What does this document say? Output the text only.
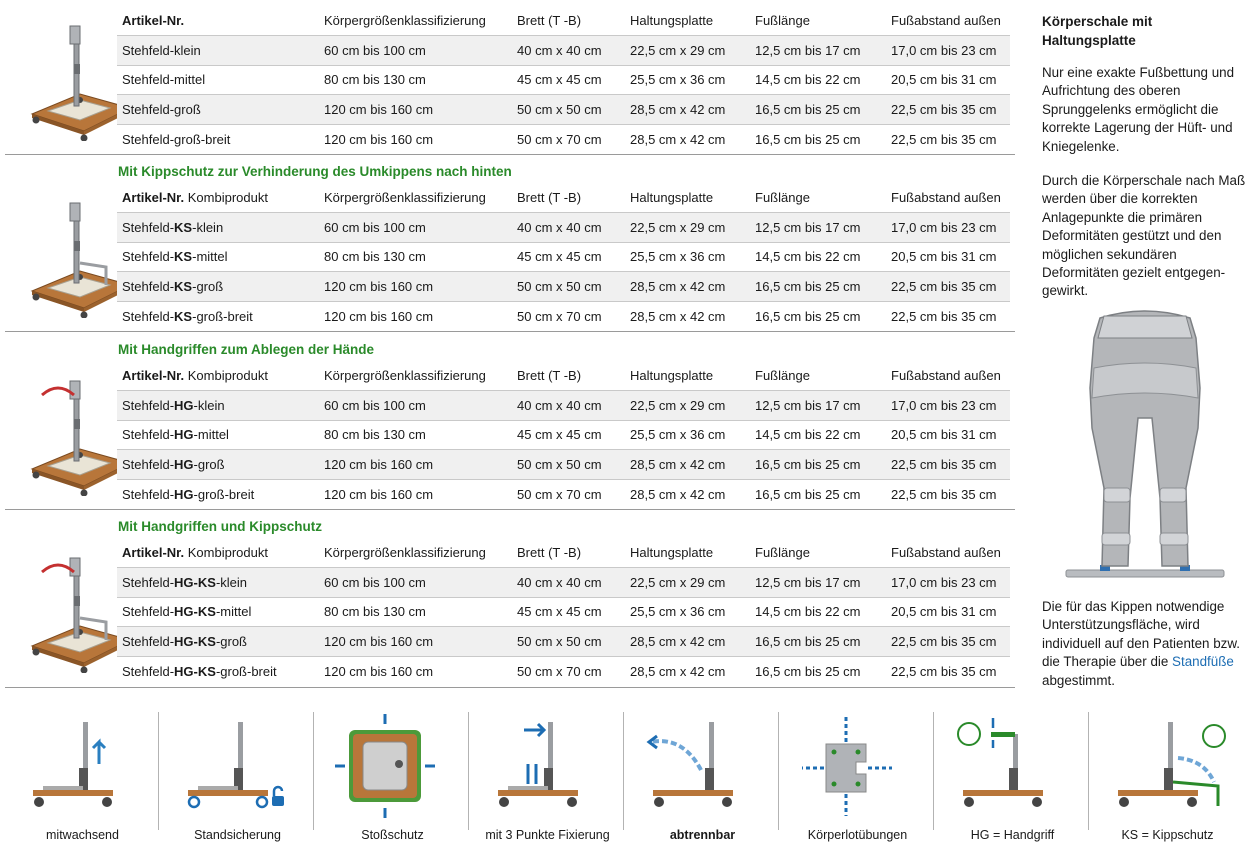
Artikel-Nr.	Körpergrößenklassifizierung	Brett (T -B)	Haltungsplatte	Fußlänge	Fußabstand außen
Stehfeld-klein	60 cm bis 100 cm	40 cm x 40 cm	22,5 cm x 29 cm	12,5 cm bis 17 cm	17,0 cm bis 23 cm
Stehfeld-mittel	80 cm bis 130 cm	45 cm x 45 cm	25,5 cm x 36 cm	14,5 cm bis 22 cm	20,5 cm bis 31 cm
Stehfeld-groß	120 cm bis 160 cm	50 cm x 50 cm	28,5 cm x 42 cm	16,5 cm bis 25 cm	22,5 cm bis 35 cm
Stehfeld-groß-breit	120 cm bis 160 cm	50 cm x 70 cm	28,5 cm x 42 cm	16,5 cm bis 25 cm	22,5 cm bis 35 cm
Mit Kippschutz zur Verhinderung des Umkippens nach hinten
Artikel-Nr. Kombiprodukt	Körpergrößenklassifizierung	Brett (T -B)	Haltungsplatte	Fußlänge	Fußabstand außen
Stehfeld-KS-klein	60 cm bis 100 cm	40 cm x 40 cm	22,5 cm x 29 cm	12,5 cm bis 17 cm	17,0 cm bis 23 cm
Stehfeld-KS-mittel	80 cm bis 130 cm	45 cm x 45 cm	25,5 cm x 36 cm	14,5 cm bis 22 cm	20,5 cm bis 31 cm
Stehfeld-KS-groß	120 cm bis 160 cm	50 cm x 50 cm	28,5 cm x 42 cm	16,5 cm bis 25 cm	22,5 cm bis 35 cm
Stehfeld-KS-groß-breit	120 cm bis 160 cm	50 cm x 70 cm	28,5 cm x 42 cm	16,5 cm bis 25 cm	22,5 cm bis 35 cm
Mit Handgriffen zum Ablegen der Hände
Artikel-Nr. Kombiprodukt	Körpergrößenklassifizierung	Brett (T -B)	Haltungsplatte	Fußlänge	Fußabstand außen
Stehfeld-HG-klein	60 cm bis 100 cm	40 cm x 40 cm	22,5 cm x 29 cm	12,5 cm bis 17 cm	17,0 cm bis 23 cm
Stehfeld-HG-mittel	80 cm bis 130 cm	45 cm x 45 cm	25,5 cm x 36 cm	14,5 cm bis 22 cm	20,5 cm bis 31 cm
Stehfeld-HG-groß	120 cm bis 160 cm	50 cm x 50 cm	28,5 cm x 42 cm	16,5 cm bis 25 cm	22,5 cm bis 35 cm
Stehfeld-HG-groß-breit	120 cm bis 160 cm	50 cm x 70 cm	28,5 cm x 42 cm	16,5 cm bis 25 cm	22,5 cm bis 35 cm
Mit Handgriffen und Kippschutz
Artikel-Nr. Kombiprodukt	Körpergrößenklassifizierung	Brett (T -B)	Haltungsplatte	Fußlänge	Fußabstand außen
Stehfeld-HG-KS-klein	60 cm bis 100 cm	40 cm x 40 cm	22,5 cm x 29 cm	12,5 cm bis 17 cm	17,0 cm bis 23 cm
Stehfeld-HG-KS-mittel	80 cm bis 130 cm	45 cm x 45 cm	25,5 cm x 36 cm	14,5 cm bis 22 cm	20,5 cm bis 31 cm
Stehfeld-HG-KS-groß	120 cm bis 160 cm	50 cm x 50 cm	28,5 cm x 42 cm	16,5 cm bis 25 cm	22,5 cm bis 35 cm
Stehfeld-HG-KS-groß-breit	120 cm bis 160 cm	50 cm x 70 cm	28,5 cm x 42 cm	16,5 cm bis 25 cm	22,5 cm bis 35 cm
Körperschale mit Haltungsplatte

Nur eine exakte Fußbettung und Aufrichtung des oberen Sprunggelenks ermöglicht die korrekte Lagerung der Hüft- und Kniegelenke.

Durch die Körperschale nach Maß werden über die korrekten Anlagepunkte die primären Deformitäten gestützt und den möglichen sekundären Deformitäten gezielt entgegengewirkt.

Die für das Kippen notwendige Unterstützungsfläche, wird individuell auf den Patienten bzw. die Therapie über die Standfüße abgestimmt.

mitwachsend	Standsicherung	Stoßschutz	mit 3 Punkte Fixierung	abtrennbar	Körperlotübungen	HG = Handgriff	KS = Kippschutz
